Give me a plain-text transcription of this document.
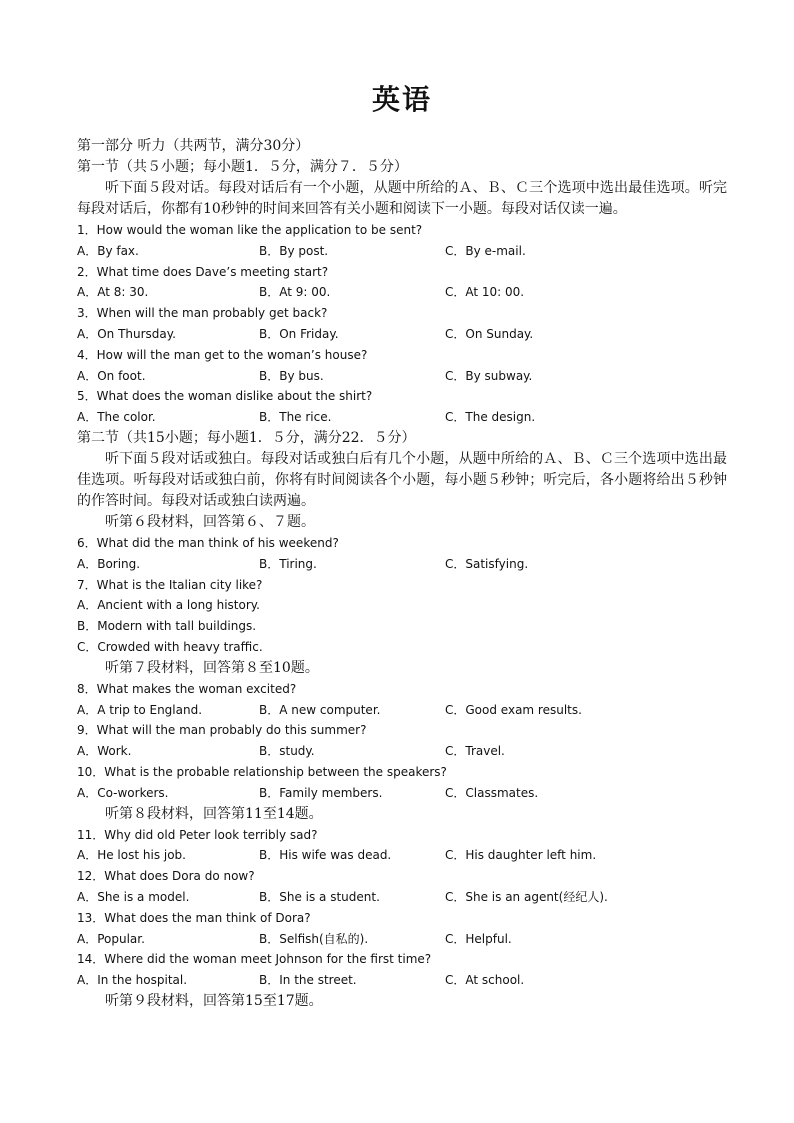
英语
第一部分 听力（共两节，满分30分）
第一节（共５小题；每小题1．５分，满分７．５分）
听下面５段对话。每段对话后有一个小题，从题中所给的Ａ、Ｂ、Ｃ三个选项中选出最佳选项。听完每段对话后，你都有10秒钟的时间来回答有关小题和阅读下一小题。每段对话仅读一遍。
1．How would the woman like the application to be sent?
A．By fax.	B．By post.	C．By e-mail.
2．What time does Dave’s meeting start?
A．At 8: 30.	B．At 9: 00.	C．At 10: 00.
3．When will the man probably get back?
A．On Thursday.	B．On Friday.	C．On Sunday.
4．How will the man get to the woman’s house?
A．On foot.	B．By bus.	C．By subway.
5．What does the woman dislike about the shirt?
A．The color.	B．The rice.	C．The design.
第二节（共15小题；每小题1．５分，满分22．５分）
听下面５段对话或独白。每段对话或独白后有几个小题，从题中所给的Ａ、Ｂ、Ｃ三个选项中选出最佳选项。听每段对话或独白前，你将有时间阅读各个小题，每小题５秒钟；听完后，各小题将给出５秒钟的作答时间。每段对话或独白读两遍。
听第６段材料，回答第６、７题。
6．What did the man think of his weekend?
A．Boring.	B．Tiring.	C．Satisfying.
7．What is the Italian city like?
A．Ancient with a long history.
B．Modern with tall buildings.
C．Crowded with heavy traffic.
听第７段材料，回答第８至10题。
8．What makes the woman excited?
A．A trip to England.	B．A new computer.	C．Good exam results.
9．What will the man probably do this summer?
A．Work.	B．study.	C．Travel.
10．What is the probable relationship between the speakers?
A．Co-workers.	B．Family members.	C．Classmates.
听第８段材料，回答第11至14题。
11．Why did old Peter look terribly sad?
A．He lost his job.	B．His wife was dead.	C．His daughter left him.
12．What does Dora do now?
A．She is a model.	B．She is a student.	C．She is an agent(经纪人).
13．What does the man think of Dora?
A．Popular.	B．Selfish(自私的).	C．Helpful.
14．Where did the woman meet Johnson for the first time?
A．In the hospital.	B．In the street.	C．At school.
听第９段材料，回答第15至17题。
